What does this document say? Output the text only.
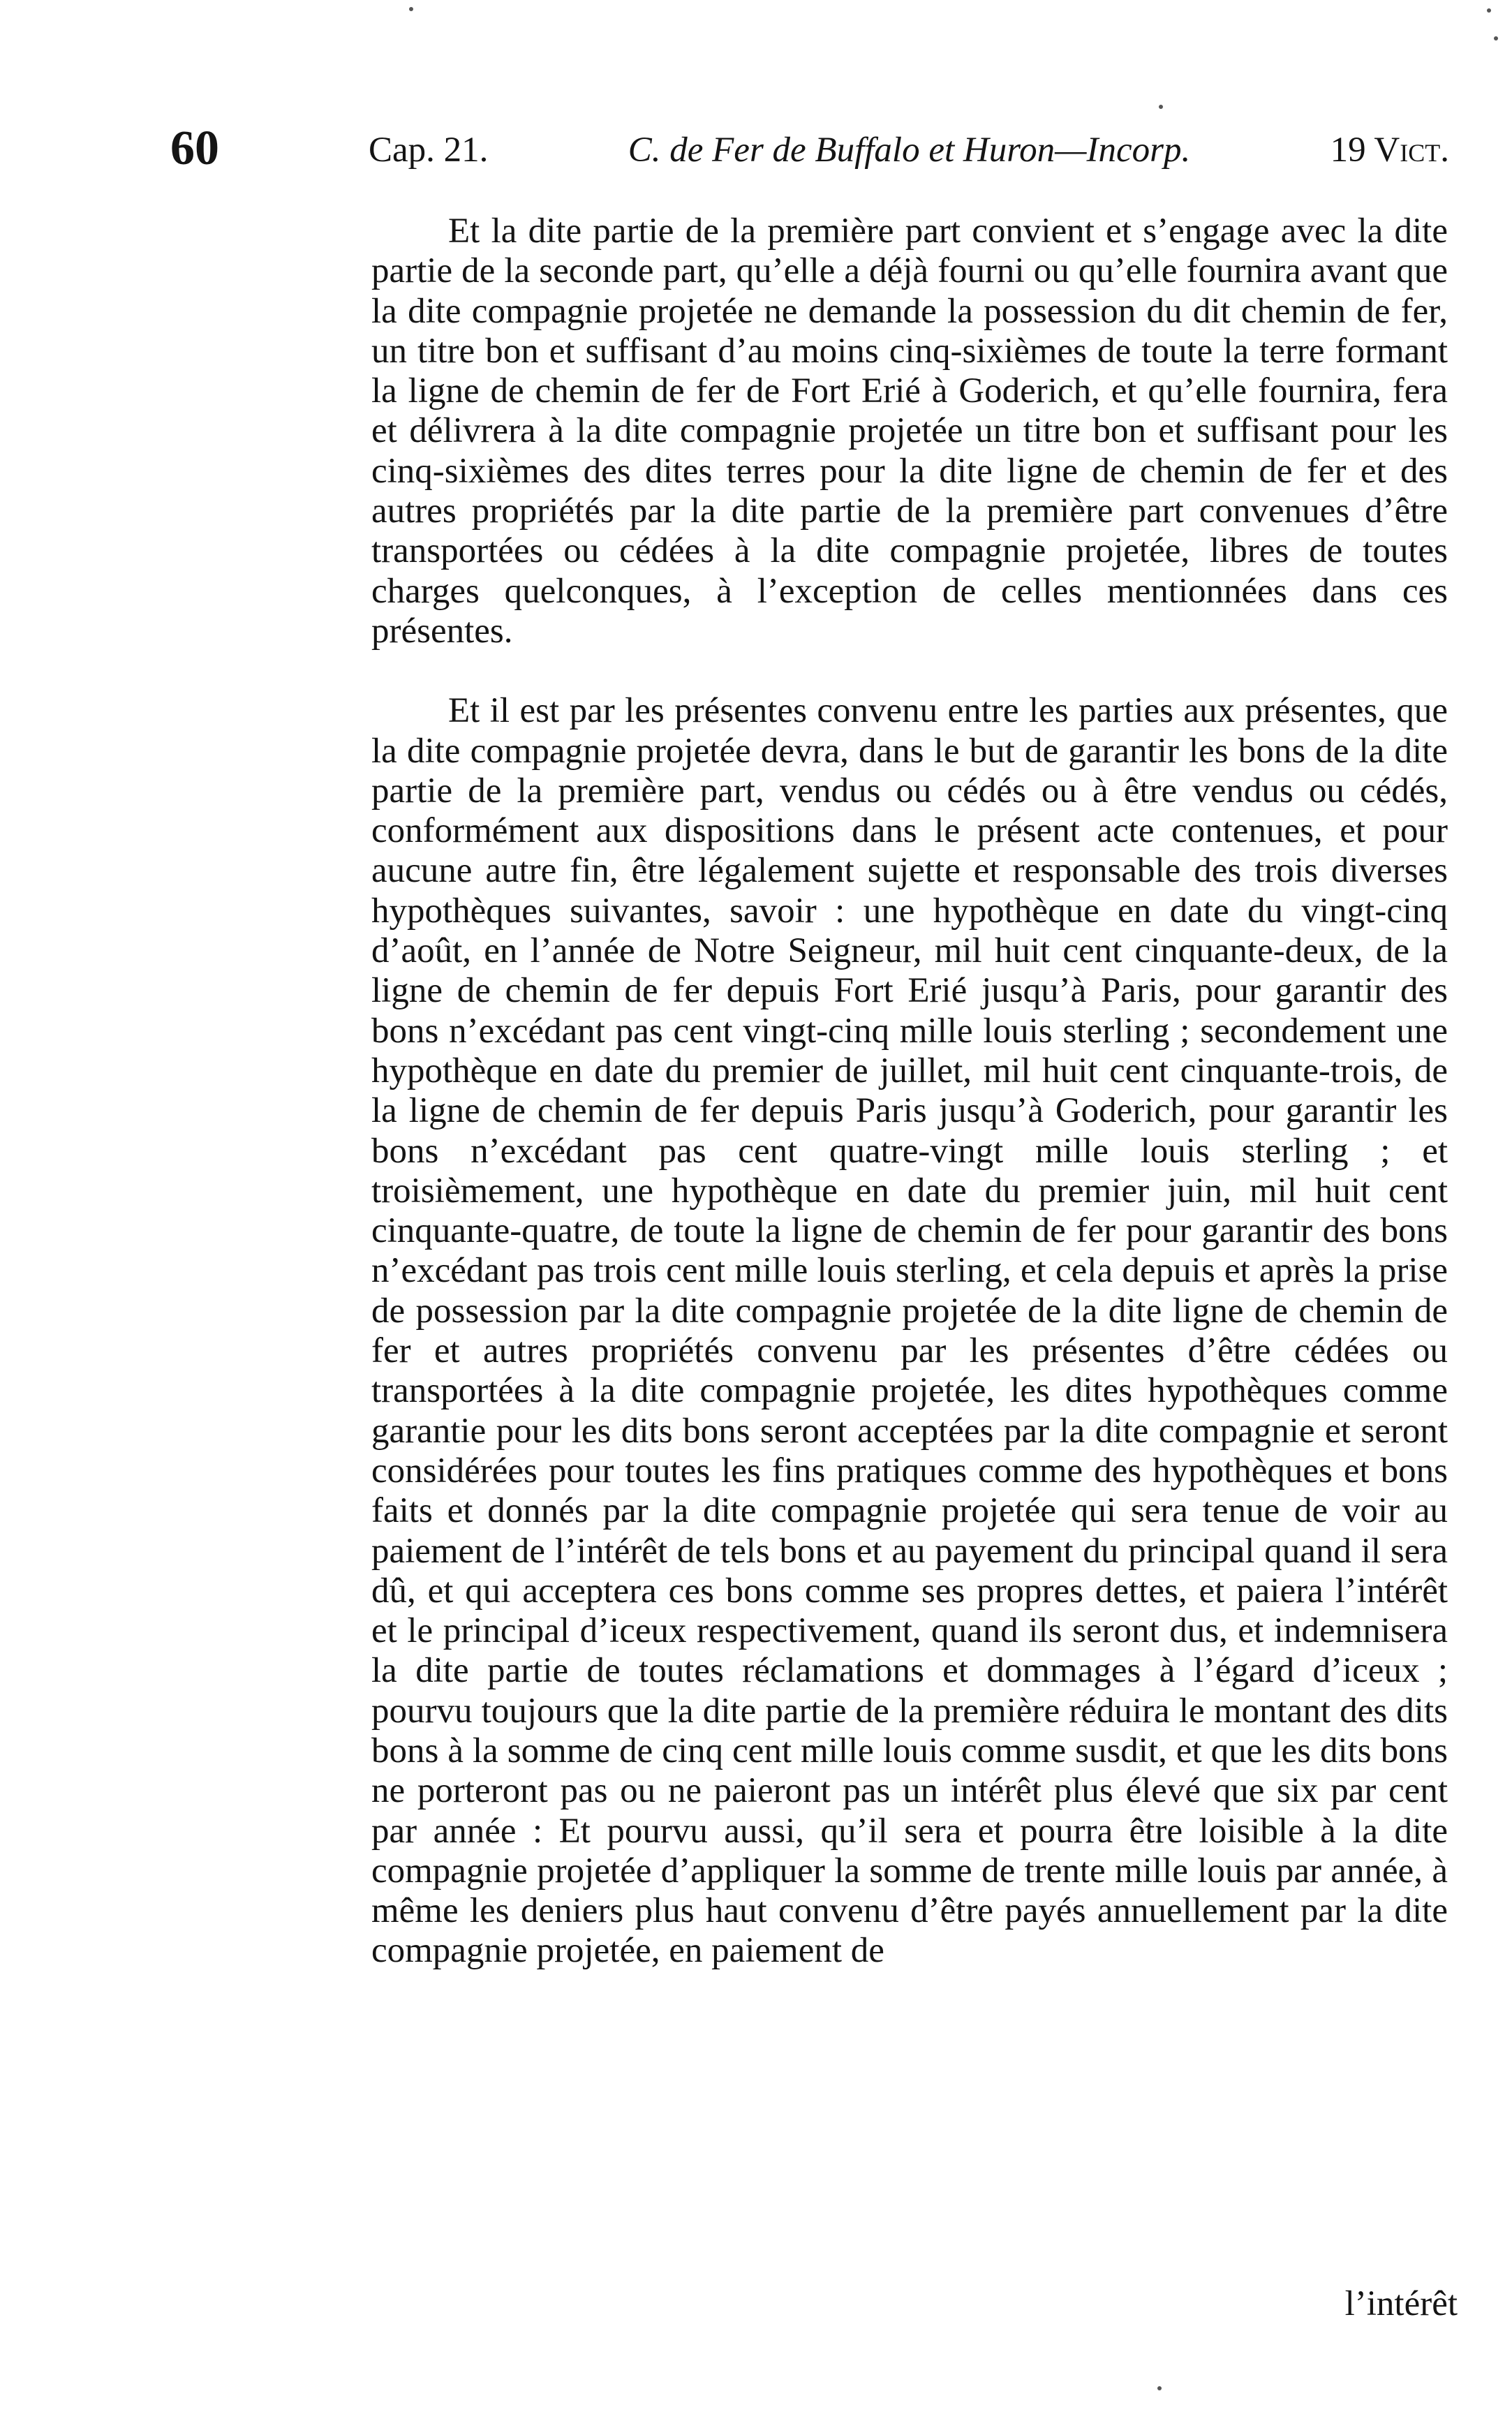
60	Cap. 21.	C. de Fer de Buffalo et Huron—Incorp.	19 Vict.

Et la dite partie de la première part convient et s’engage avec la dite partie de la seconde part, qu’elle a déjà fourni ou qu’elle fournira avant que la dite compagnie projetée ne demande la possession du dit chemin de fer, un titre bon et suffisant d’au moins cinq-sixièmes de toute la terre formant la ligne de chemin de fer de Fort Erié à Goderich, et qu’elle fournira, fera et délivrera à la dite compagnie projetée un titre bon et suffisant pour les cinq-sixièmes des dites terres pour la dite ligne de chemin de fer et des autres propriétés par la dite partie de la première part convenues d’être transportées ou cédées à la dite compagnie projetée, libres de toutes charges quelconques, à l’exception de celles mentionnées dans ces présentes.

Et il est par les présentes convenu entre les parties aux présentes, que la dite compagnie projetée devra, dans le but de garantir les bons de la dite partie de la première part, vendus ou cédés ou à être vendus ou cédés, conformément aux dispositions dans le présent acte contenues, et pour aucune autre fin, être légalement sujette et responsable des trois diverses hypothèques suivantes, savoir : une hypothèque en date du vingt-cinq d’août, en l’année de Notre Seigneur, mil huit cent cinquante-deux, de la ligne de chemin de fer depuis Fort Erié jusqu’à Paris, pour garantir des bons n’excédant pas cent vingt-cinq mille louis sterling ; secondement une hypothèque en date du premier de juillet, mil huit cent cinquante-trois, de la ligne de chemin de fer depuis Paris jusqu’à Goderich, pour garantir les bons n’excédant pas cent quatre-vingt mille louis sterling ; et troisièmement, une hypothèque en date du premier juin, mil huit cent cinquante-quatre, de toute la ligne de chemin de fer pour garantir des bons n’excédant pas trois cent mille louis sterling, et cela depuis et après la prise de possession par la dite compagnie projetée de la dite ligne de chemin de fer et autres propriétés convenu par les présentes d’être cédées ou transportées à la dite compagnie projetée, les dites hypothèques comme garantie pour les dits bons seront acceptées par la dite compagnie et seront considérées pour toutes les fins pratiques comme des hypothèques et bons faits et donnés par la dite compagnie projetée qui sera tenue de voir au paiement de l’intérêt de tels bons et au payement du principal quand il sera dû, et qui acceptera ces bons comme ses propres dettes, et paiera l’intérêt et le principal d’iceux respectivement, quand ils seront dus, et indemnisera la dite partie de toutes réclamations et dommages à l’égard d’iceux ; pourvu toujours que la dite partie de la première réduira le montant des dits bons à la somme de cinq cent mille louis comme susdit, et que les dits bons ne porteront pas ou ne paieront pas un intérêt plus élevé que six par cent par année : Et pourvu aussi, qu’il sera et pourra être loisible à la dite compagnie projetée d’appliquer la somme de trente mille louis par année, à même les deniers plus haut convenu d’être payés annuellement par la dite compagnie projetée, en paiement de

l’intérêt
